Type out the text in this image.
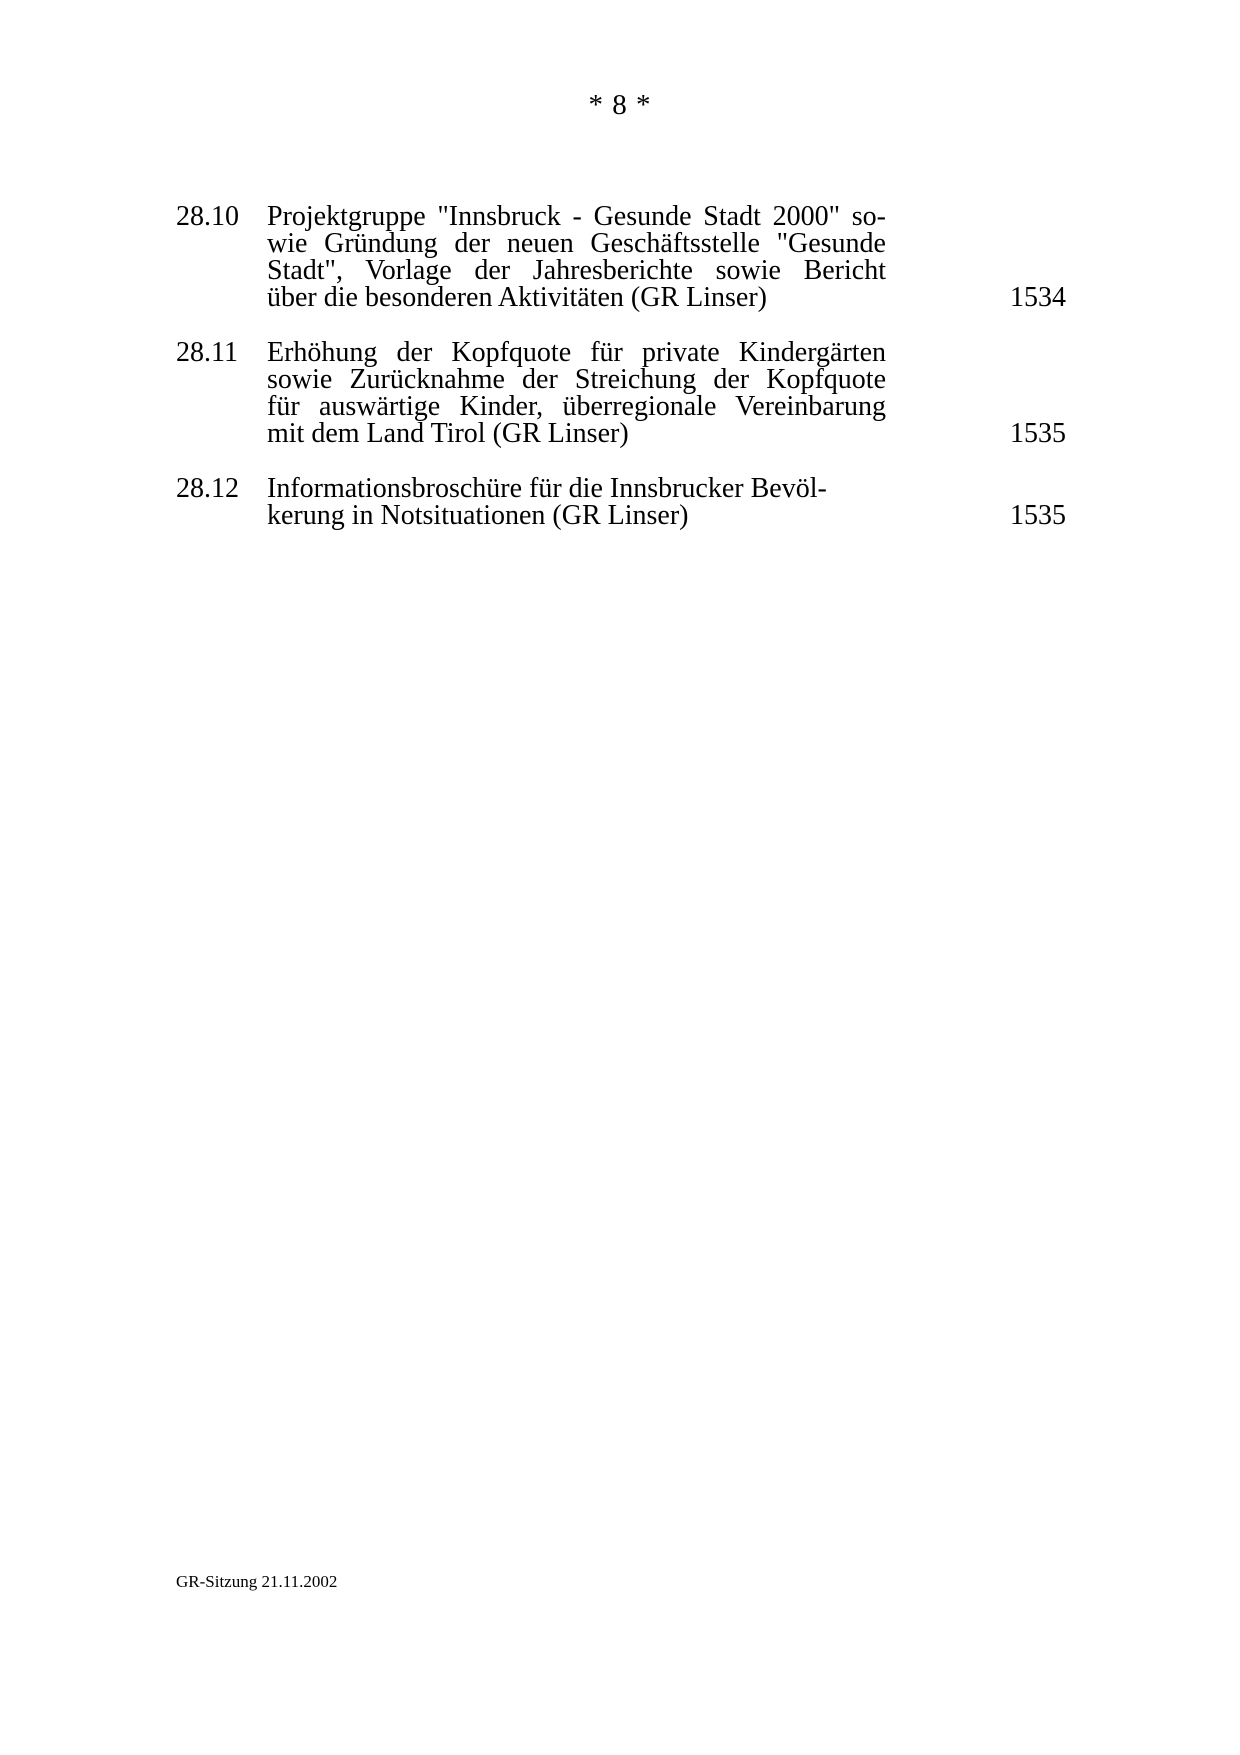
* 8 *
28.10	Projektgruppe "Innsbruck - Gesunde Stadt 2000" so-
wie Gründung der neuen Geschäftsstelle "Gesunde
Stadt", Vorlage der Jahresberichte sowie Bericht
über die besonderen Aktivitäten (GR Linser)	1534
28.11	Erhöhung der Kopfquote für private Kindergärten
sowie Zurücknahme der Streichung der Kopfquote
für auswärtige Kinder, überregionale Vereinbarung
mit dem Land Tirol (GR Linser)	1535
28.12	Informationsbroschüre für die Innsbrucker Bevöl-
kerung in Notsituationen (GR Linser)	1535
GR-Sitzung 21.11.2002
